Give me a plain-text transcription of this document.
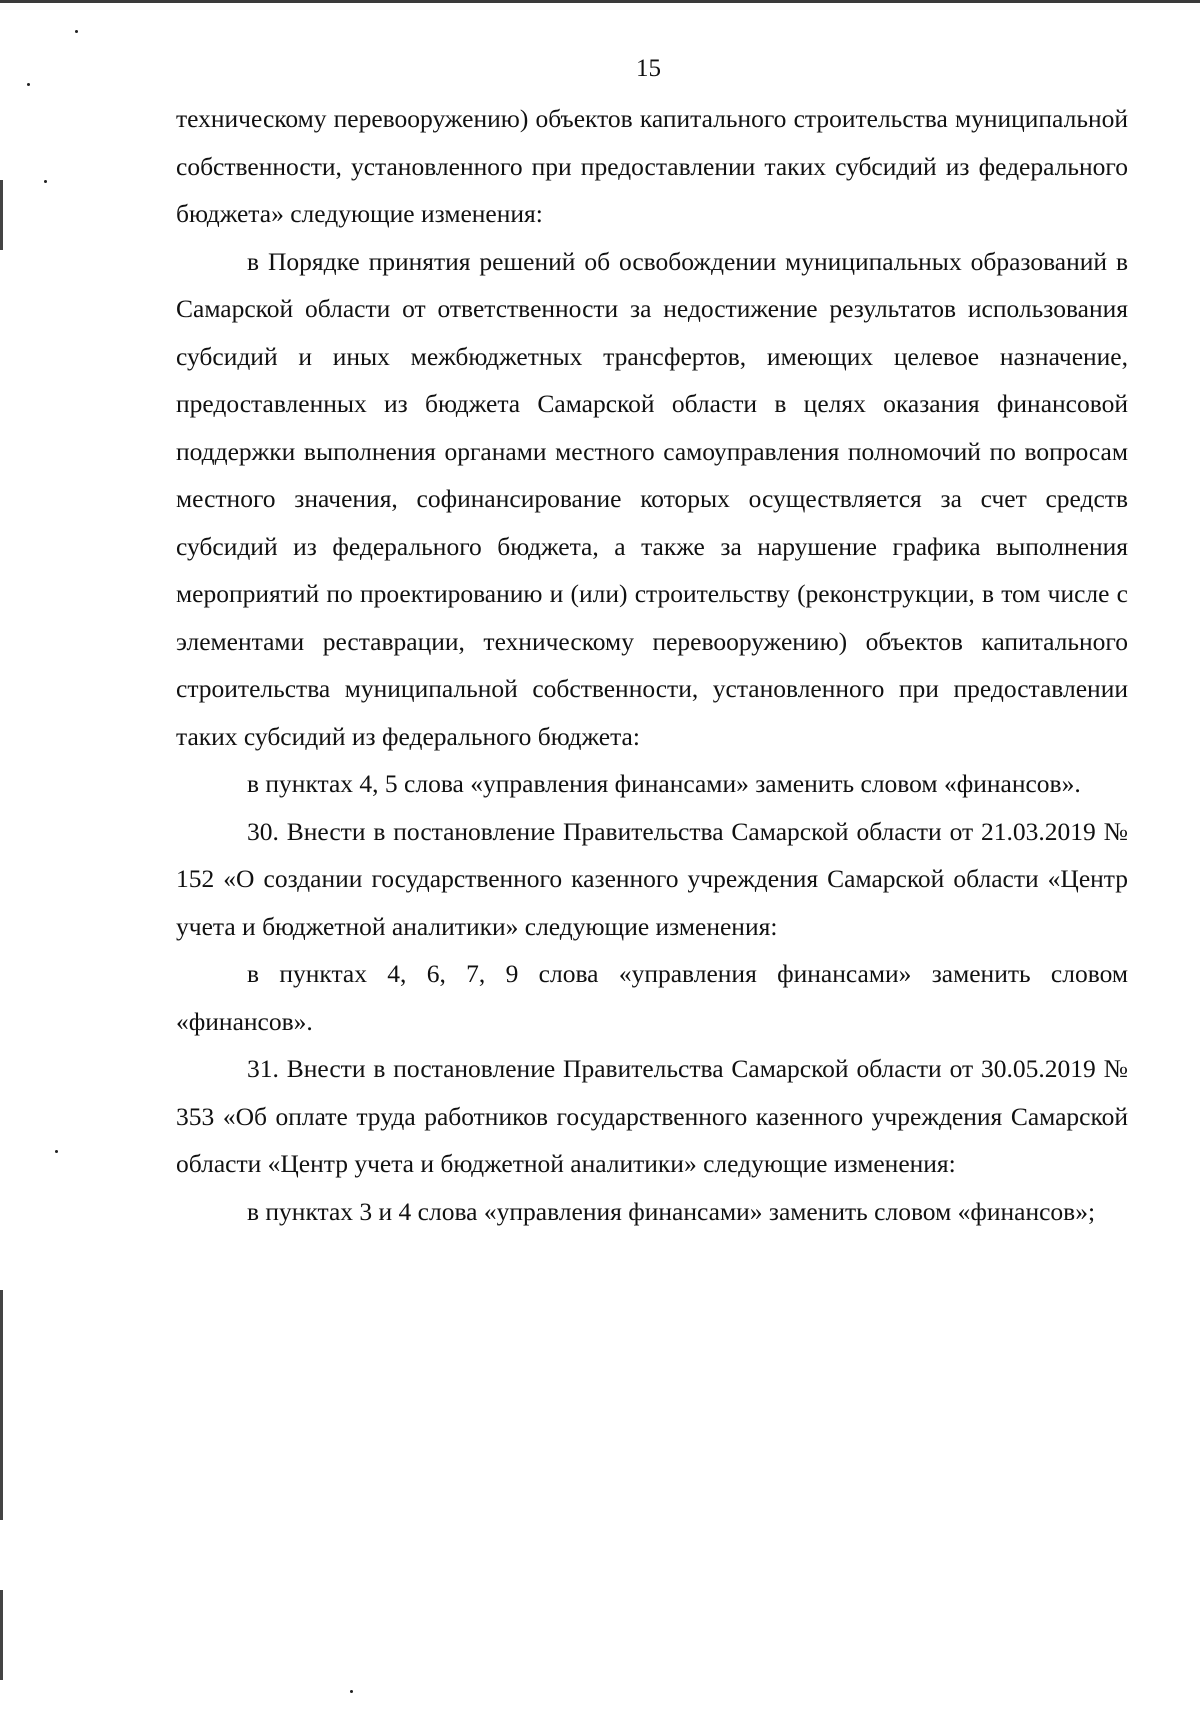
15

техническому перевооружению) объектов капитального строительства муниципальной собственности, установленного при предоставлении таких субсидий из федерального бюджета» следующие изменения:

в Порядке принятия решений об освобождении муниципальных образований в Самарской области от ответственности за недостижение результатов использования субсидий и иных межбюджетных трансфертов, имеющих целевое назначение, предоставленных из бюджета Самарской области в целях оказания финансовой поддержки выполнения органами местного самоуправления полномочий по вопросам местного значения, софинансирование которых осуществляется за счет средств субсидий из федерального бюджета, а также за нарушение графика выполнения мероприятий по проектированию и (или) строительству (реконструкции, в том числе с элементами реставрации, техническому перевооружению) объектов капитального строительства муниципальной собственности, установленного при предоставлении таких субсидий из федерального бюджета:

в пунктах 4, 5 слова «управления финансами» заменить словом «финансов».

30. Внести в постановление Правительства Самарской области от 21.03.2019 № 152 «О создании государственного казенного учреждения Самарской области «Центр учета и бюджетной аналитики» следующие изменения:

в пунктах 4, 6, 7, 9 слова «управления финансами» заменить словом «финансов».

31. Внести в постановление Правительства Самарской области от 30.05.2019 № 353 «Об оплате труда работников государственного казенного учреждения Самарской области «Центр учета и бюджетной аналитики» следующие изменения:

в пунктах 3 и 4 слова «управления финансами» заменить словом «финансов»;
